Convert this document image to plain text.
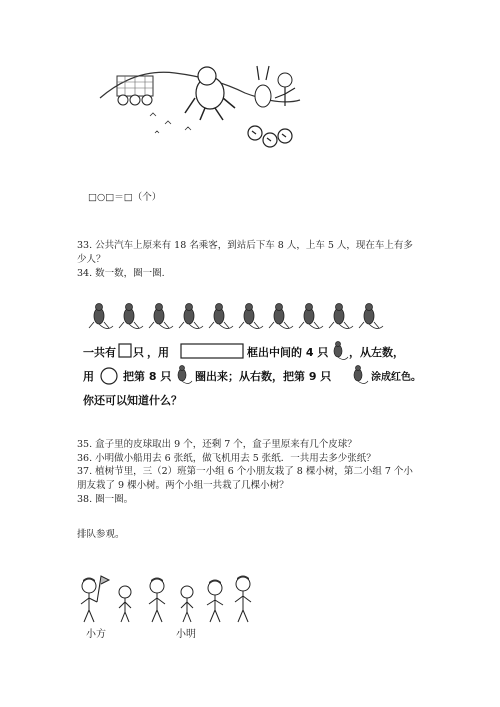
□○□＝□（个）
33. 公共汽车上原来有 18 名乘客，到站后下车 8 人，上车 5 人，现在车上有多
少人？
34. 数一数，圈一圈.
一共有 只 ，用	框出中间的 4 只 ，从左数，
用	把第 8 只 圈出来；从右数，把第 9 只	涂成红色。
你还可以知道什么？
35. 盒子里的皮球取出 9 个，还剩 7 个，盒子里原来有几个皮球？
36. 小明做小船用去 6 张纸，做飞机用去 5 张纸．一共用去多少张纸？
37. 植树节里，三（2）班第一小组 6 个小朋友栽了 8 棵小树，第二小组 7 个小
朋友栽了 9 棵小树。两个小组一共栽了几棵小树？
38. 圈一圈。
排队参观。
小方	小明
